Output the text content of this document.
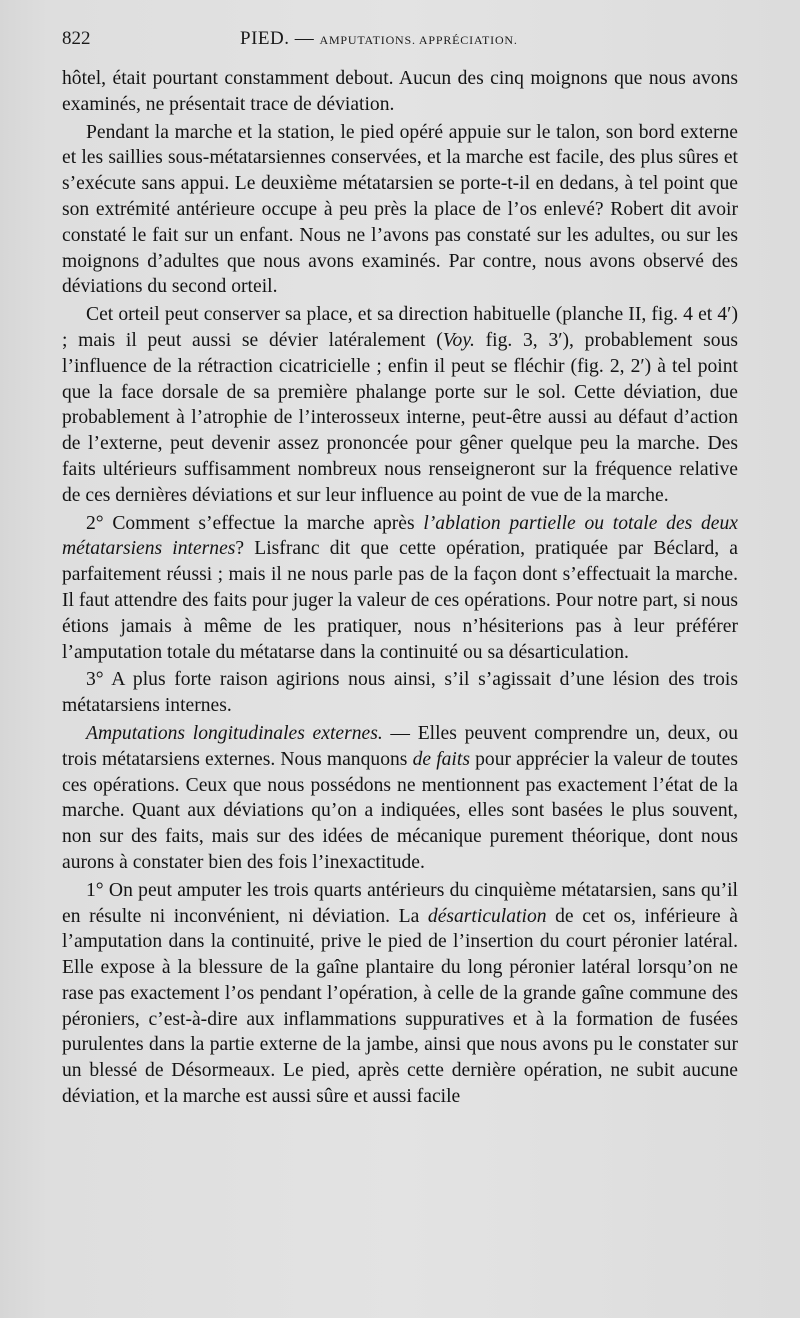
822	PIED. — AMPUTATIONS. APPRÉCIATION.

hôtel, était pourtant constamment debout. Aucun des cinq moignons que nous avons examinés, ne présentait trace de déviation.

Pendant la marche et la station, le pied opéré appuie sur le talon, son bord externe et les saillies sous-métatarsiennes conservées, et la marche est facile, des plus sûres et s’exécute sans appui. Le deuxième métatarsien se porte-t-il en dedans, à tel point que son extrémité antérieure occupe à peu près la place de l’os enlevé? Robert dit avoir constaté le fait sur un enfant. Nous ne l’avons pas constaté sur les adultes, ou sur les moignons d’adultes que nous avons examinés. Par contre, nous avons observé des déviations du second orteil.

Cet orteil peut conserver sa place, et sa direction habituelle (planche II, fig. 4 et 4′) ; mais il peut aussi se dévier latéralement (Voy. fig. 3, 3′), probablement sous l’influence de la rétraction cicatricielle ; enfin il peut se fléchir (fig. 2, 2′) à tel point que la face dorsale de sa première phalange porte sur le sol. Cette déviation, due probablement à l’atrophie de l’interosseux interne, peut-être aussi au défaut d’action de l’externe, peut devenir assez prononcée pour gêner quelque peu la marche. Des faits ultérieurs suffisamment nombreux nous renseigneront sur la fréquence relative de ces dernières déviations et sur leur influence au point de vue de la marche.

2° Comment s’effectue la marche après l’ablation partielle ou totale des deux métatarsiens internes? Lisfranc dit que cette opération, pratiquée par Béclard, a parfaitement réussi ; mais il ne nous parle pas de la façon dont s’effectuait la marche. Il faut attendre des faits pour juger la valeur de ces opérations. Pour notre part, si nous étions jamais à même de les pratiquer, nous n’hésiterions pas à leur préférer l’amputation totale du métatarse dans la continuité ou sa désarticulation.

3° A plus forte raison agirions nous ainsi, s’il s’agissait d’une lésion des trois métatarsiens internes.

Amputations longitudinales externes. — Elles peuvent comprendre un, deux, ou trois métatarsiens externes. Nous manquons de faits pour apprécier la valeur de toutes ces opérations. Ceux que nous possédons ne mentionnent pas exactement l’état de la marche. Quant aux déviations qu’on a indiquées, elles sont basées le plus souvent, non sur des faits, mais sur des idées de mécanique purement théorique, dont nous aurons à constater bien des fois l’inexactitude.

1° On peut amputer les trois quarts antérieurs du cinquième métatarsien, sans qu’il en résulte ni inconvénient, ni déviation. La désarticulation de cet os, inférieure à l’amputation dans la continuité, prive le pied de l’insertion du court péronier latéral. Elle expose à la blessure de la gaîne plantaire du long péronier latéral lorsqu’on ne rase pas exactement l’os pendant l’opération, à celle de la grande gaîne commune des péroniers, c’est-à-dire aux inflammations suppuratives et à la formation de fusées purulentes dans la partie externe de la jambe, ainsi que nous avons pu le constater sur un blessé de Désormeaux. Le pied, après cette dernière opération, ne subit aucune déviation, et la marche est aussi sûre et aussi facile
